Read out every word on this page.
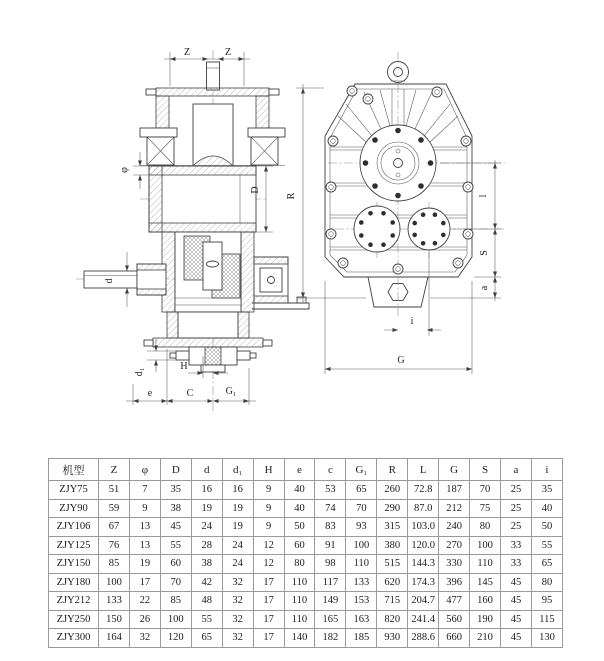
Z	Z
φ
D
d
d₁	H
e	C	G₁
R	l
S
a
i
G
机型	Z	φ	D	d	d₁	H	e	c	G₁	R	L	G	S	a	i
ZJY75	51	7	35	16	16	9	40	53	65	260	72.8	187	70	25	35
ZJY90	59	9	38	19	19	9	40	74	70	290	87.0	212	75	25	40
ZJY106	67	13	45	24	19	9	50	83	93	315	103.0	240	80	25	50
ZJY125	76	13	55	28	24	12	60	91	100	380	120.0	270	100	33	55
ZJY150	85	19	60	38	24	12	80	98	110	515	144.3	330	110	33	65
ZJY180	100	17	70	42	32	17	110	117	133	620	174.3	396	145	45	80
ZJY212	133	22	85	48	32	17	110	149	153	715	204.7	477	160	45	95
ZJY250	150	26	100	55	32	17	110	165	163	820	241.4	560	190	45	115
ZJY300	164	32	120	65	32	17	140	182	185	930	288.6	660	210	45	130
